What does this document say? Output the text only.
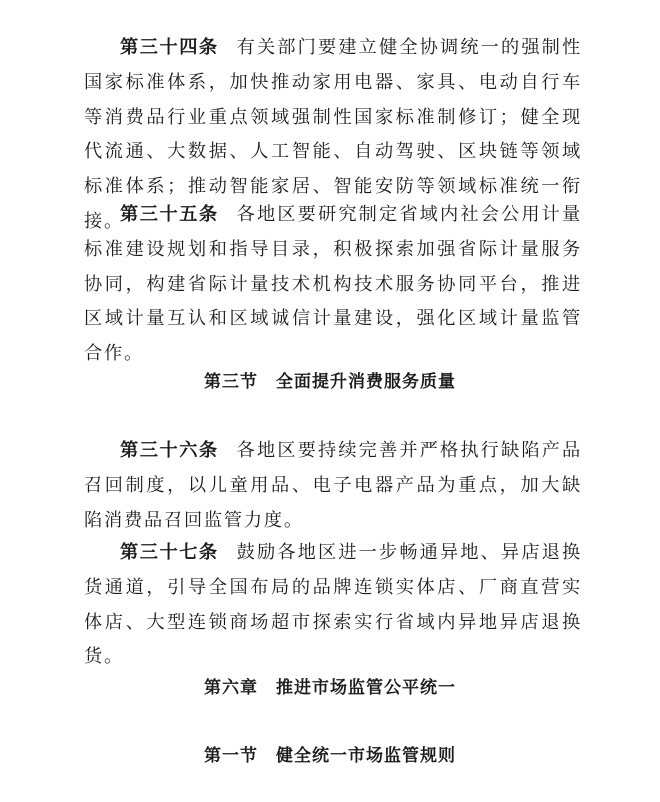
第三十四条 有关部门要建立健全协调统一的强制性国家标准体系，加快推动家用电器、家具、电动自行车等消费品行业重点领域强制性国家标准制修订；健全现代流通、大数据、人工智能、自动驾驶、区块链等领域标准体系；推动智能家居、智能安防等领域标准统一衔接。

第三十五条 各地区要研究制定省域内社会公用计量标准建设规划和指导目录，积极探索加强省际计量服务协同，构建省际计量技术机构技术服务协同平台，推进区域计量互认和区域诚信计量建设，强化区域计量监管合作。

第三节　全面提升消费服务质量

第三十六条 各地区要持续完善并严格执行缺陷产品召回制度，以儿童用品、电子电器产品为重点，加大缺陷消费品召回监管力度。

第三十七条 鼓励各地区进一步畅通异地、异店退换货通道，引导全国布局的品牌连锁实体店、厂商直营实体店、大型连锁商场超市探索实行省域内异地异店退换货。

第六章　推进市场监管公平统一
第一节　健全统一市场监管规则
